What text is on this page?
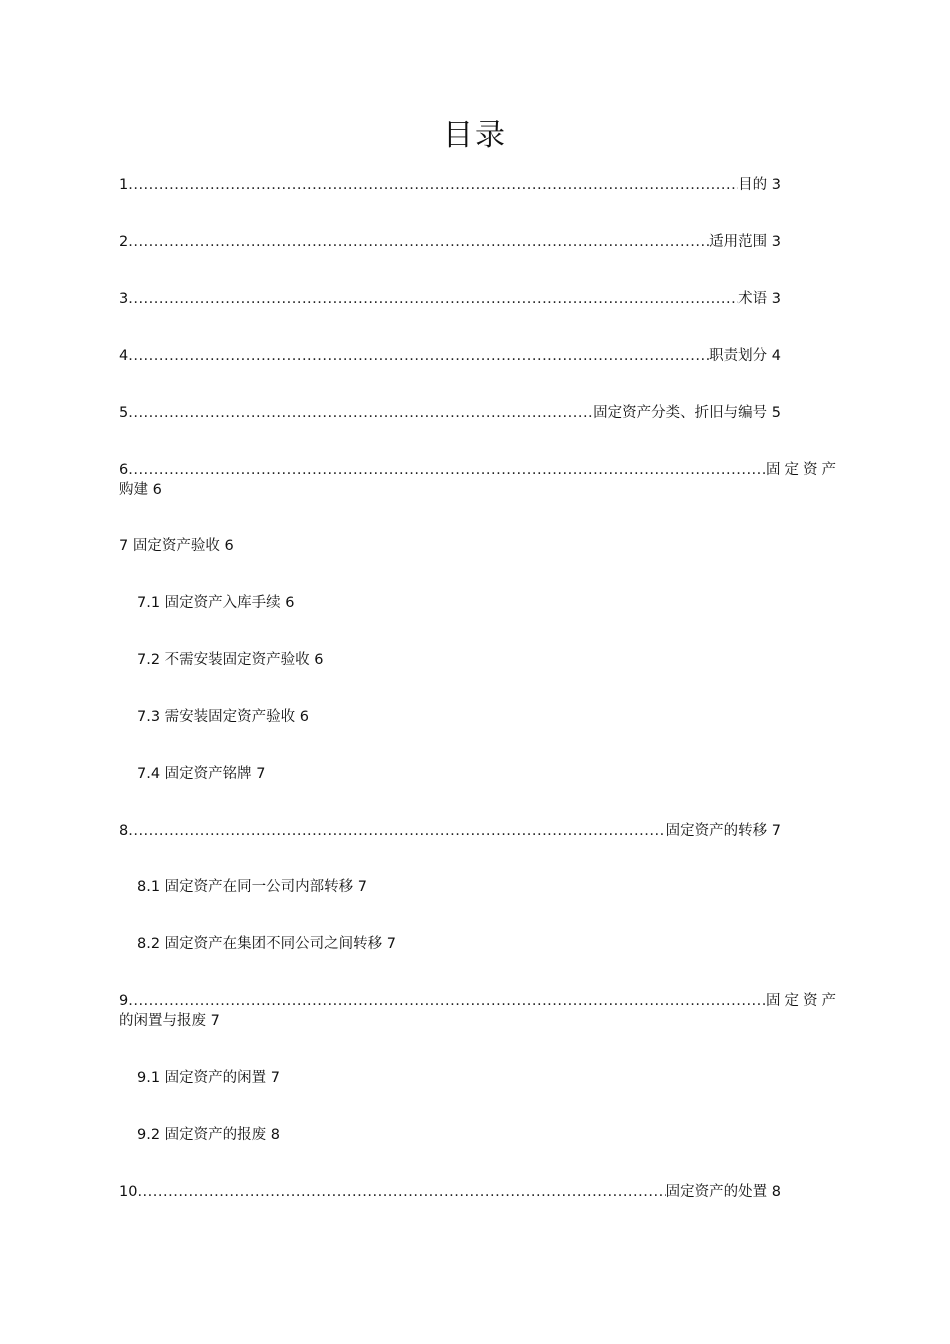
目录
1 .....	目的 3
2 .....	适用范围 3
3 .....	术语 3
4 .....	职责划分 4
5 .....	固定资产分类、折旧与编号 5
6 .....	固定资产
购建 6
7 固定资产验收 6
7.1 固定资产入库手续 6
7.2 不需安装固定资产验收 6
7.3 需安装固定资产验收 6
7.4 固定资产铭牌 7
8 .....	固定资产的转移 7
8.1 固定资产在同一公司内部转移 7
8.2 固定资产在集团不同公司之间转移 7
9 .....	固定资产
的闲置与报废 7
9.1 固定资产的闲置 7
9.2 固定资产的报废 8
10 .....	固定资产的处置 8
